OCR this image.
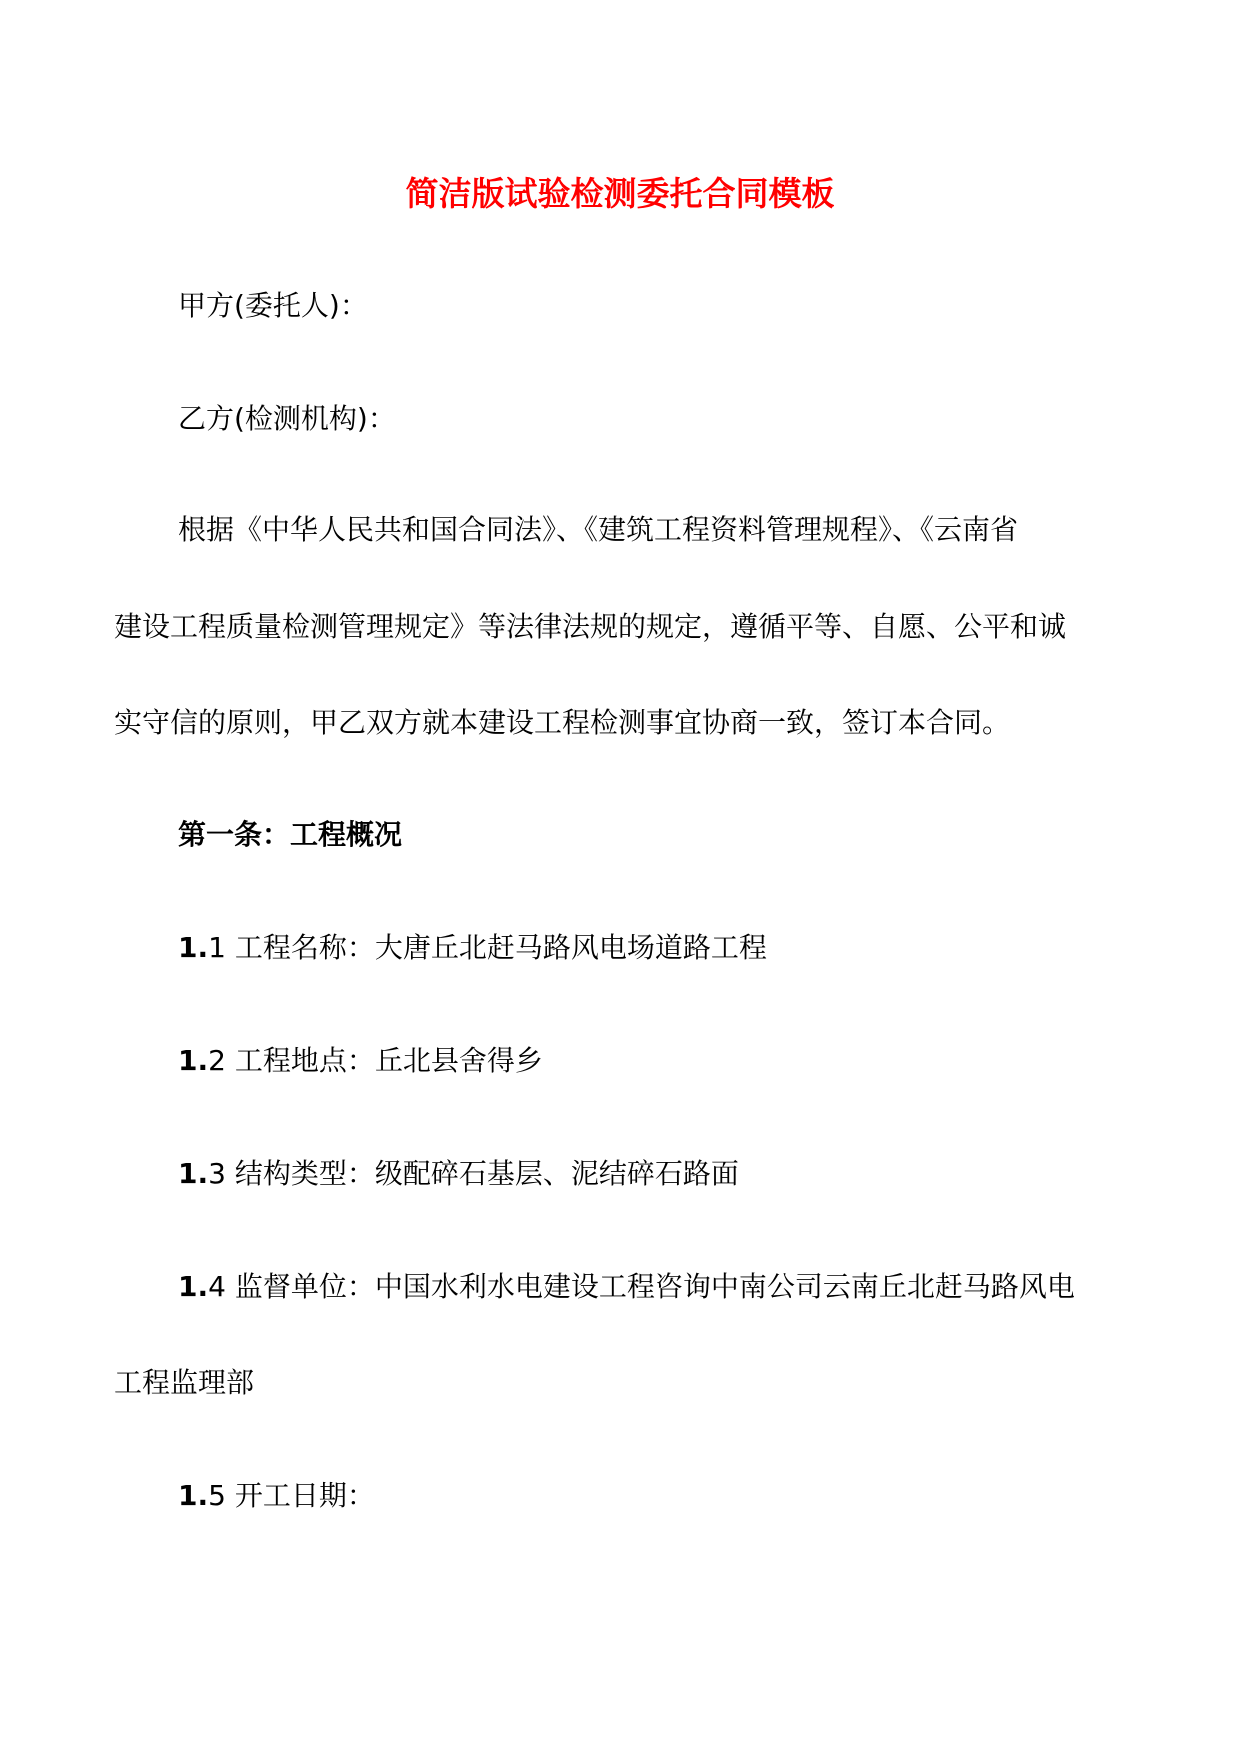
简洁版试验检测委托合同模板

甲方(委托人)：

乙方(检测机构)：

根据《中华人民共和国合同法》、《建筑工程资料管理规程》、《云南省

建设工程质量检测管理规定》等法律法规的规定，遵循平等、自愿、公平和诚

实守信的原则，甲乙双方就本建设工程检测事宜协商一致，签订本合同。

第一条：工程概况

1.1 工程名称：大唐丘北赶马路风电场道路工程

1.2 工程地点：丘北县舍得乡

1.3 结构类型：级配碎石基层、泥结碎石路面

1.4 监督单位：中国水利水电建设工程咨询中南公司云南丘北赶马路风电

工程监理部

1.5 开工日期：
